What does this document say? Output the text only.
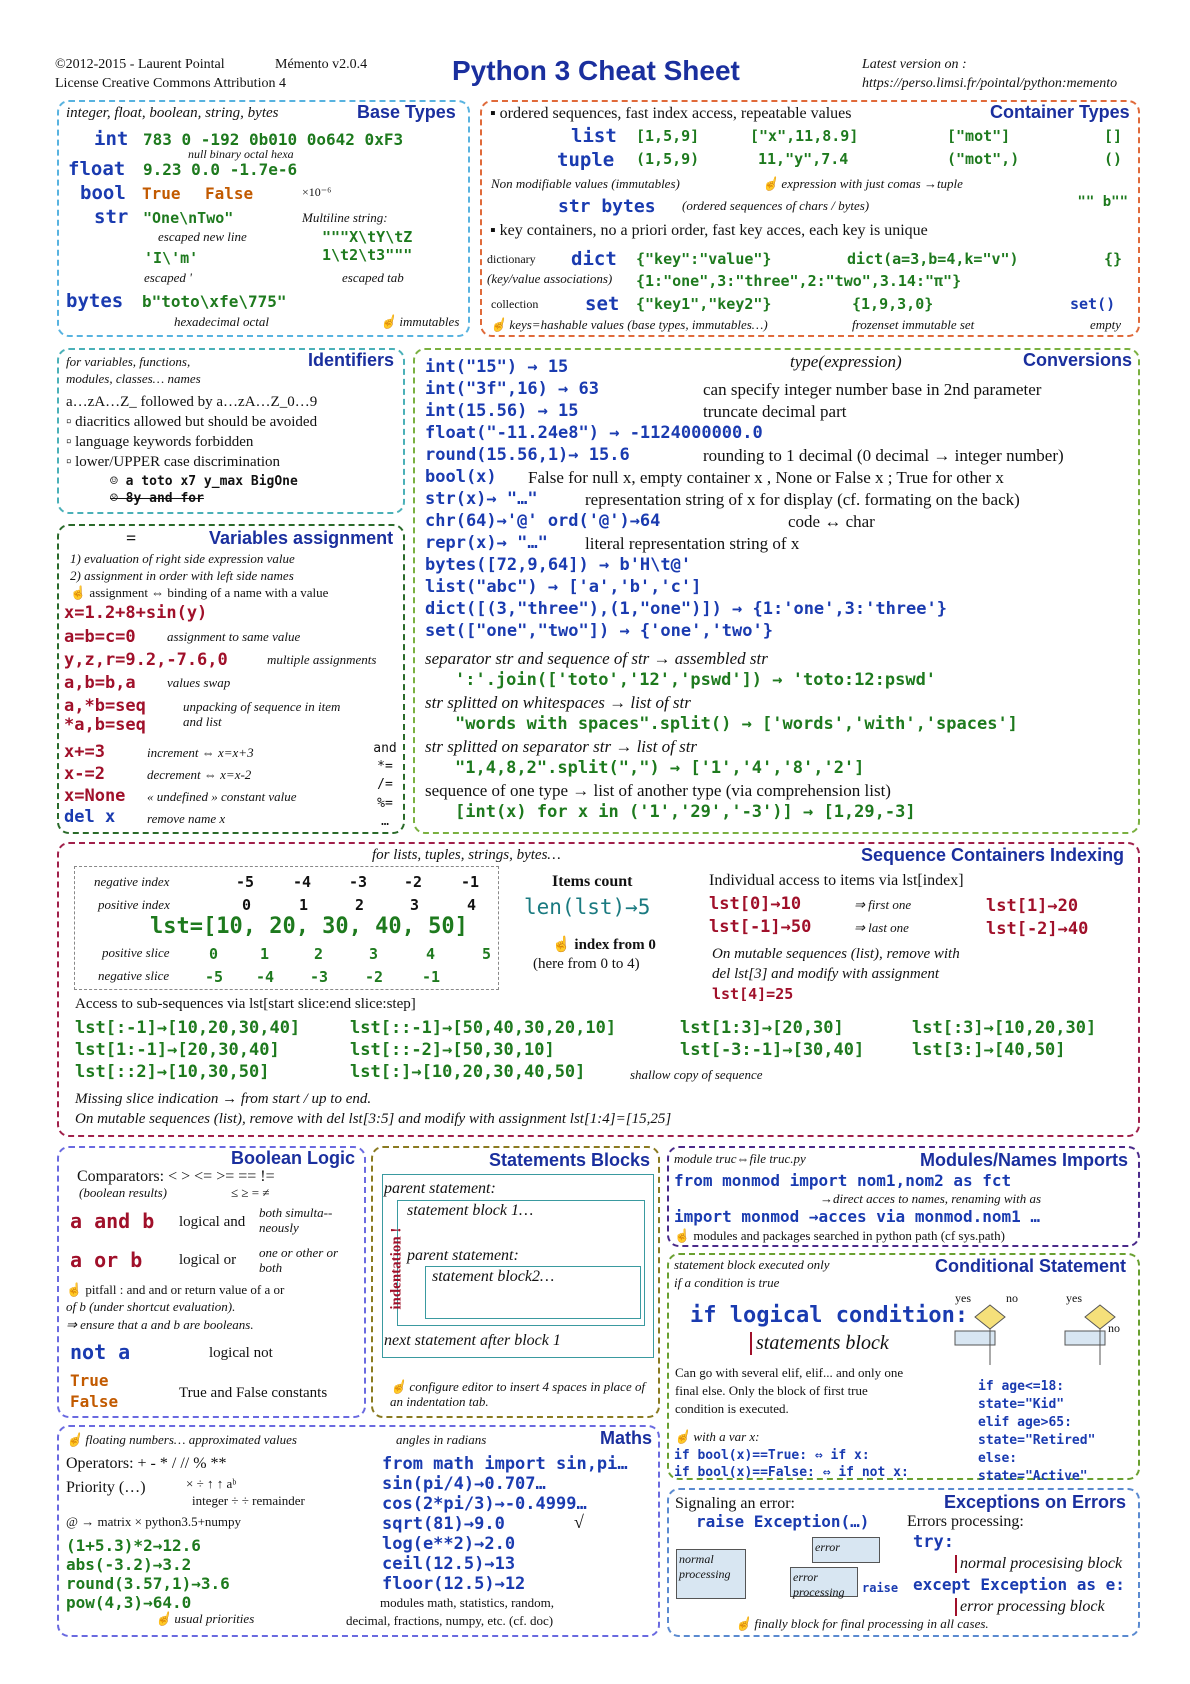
©2012-2015 - Laurent Pointal	Mémento v2.0.4
License Creative Commons Attribution 4	Python 3 Cheat Sheet	Latest version on :
https://perso.limsi.fr/pointal/python:memento
Base Types
integer, float, boolean, string, bytes
int 783 0 -192 0b010 0o642 0xF3
null binary octal hexa
float 9.23 0.0 -1.7e-6
×10⁻⁶
bool True False
str "One\nTwo"
escaped new line
Multiline string:
"""X\tY\tZ
1\t2\t3"""
'I\'m'
escaped '	escaped tab
bytes b"toto\xfe\775"
hexadecimal octal	☝ immutables
Container Types
▪ ordered sequences, fast index access, repeatable values
list [1,5,9]	["x",11,8.9]	["mot"]	[]
tuple (1,5,9)	11,"y",7.4	("mot",)	()
Non modifiable values (immutables)	☝ expression with just comas →tuple
str bytes (ordered sequences of chars / bytes)	"" b""
▪ key containers, no a priori order, fast key acces, each key is unique
dictionary dict {"key":"value"}	dict(a=3,b=4,k="v")	{}
(key/value associations) {1:"one",3:"three",2:"two",3.14:"π"}
collection set {"key1","key2"}	{1,9,3,0}	set()
☝ keys=hashable values (base types, immutables…)	frozenset immutable set	empty
Identifiers
for variables, functions,
modules, classes… names
a…zA…Z_ followed by a…zA…Z_0…9
▫ diacritics allowed but should be avoided
▫ language keywords forbidden
▫ lower/UPPER case discrimination
☺ a toto x7 y_max BigOne
☹ 8y and for
Variables assignment
=
1) evaluation of right side expression value
2) assignment in order with left side names
☝ assignment ⇔ binding of a name with a value
x=1.2+8+sin(y)
a=b=c=0 assignment to same value
y,z,r=9.2,-7.6,0	multiple assignments
a,b=b,a values swap
a,*b=seq
*a,b=seq
unpacking of sequence in item and list
x+=3	increment ⇔ x=x+3
x-=2	decrement ⇔ x=x-2
x=None « undefined » constant value
del x remove name x
and *= /= %= …
Conversions
type(expression)
int("15") → 15
int("3f",16) → 63	can specify integer number base in 2nd parameter
int(15.56) → 15	truncate decimal part
float("-11.24e8") → -1124000000.0
round(15.56,1)→ 15.6	rounding to 1 decimal (0 decimal → integer number)
bool(x) False for null x, empty container x , None or False x ; True for other x
str(x)→ "…"	representation string of x for display (cf. formating on the back)
chr(64)→'@' ord('@')→64	code ↔ char
repr(x)→ "…" literal representation string of x
bytes([72,9,64]) → b'H\t@'
list("abc") → ['a','b','c']
dict([(3,"three"),(1,"one")]) → {1:'one',3:'three'}
set(["one","two"]) → {'one','two'}
separator str and sequence of str → assembled str
':'.join(['toto','12','pswd']) → 'toto:12:pswd'
str splitted on whitespaces → list of str
"words with spaces".split() → ['words','with','spaces']
str splitted on separator str → list of str
"1,4,8,2".split(",") → ['1','4','8','2']
sequence of one type → list of another type (via comprehension list)
[int(x) for x in ('1','29','-3')] → [1,29,-3]
Sequence Containers Indexing
for lists, tuples, strings, bytes…
negative index
positive index
-5	-4	-3 -2	-1
0	1	2	3	4
lst=[10, 20, 30, 40, 50]
positive slice
negative slice
0	1	2	3	4	5
-5 -4 -3 -2	-1
Items count
len(lst)→5
☝ index from 0
(here from 0 to 4)
Individual access to items via lst[index]
lst[0]→10	⇒ first one	lst[1]→20
lst[-1]→50	⇒ last one	lst[-2]→40
On mutable sequences (list), remove with
del lst[3] and modify with assignment
lst[4]=25
Access to sub-sequences via lst[start slice:end slice:step]
lst[:-1]→[10,20,30,40]	lst[::-1]→[50,40,30,20,10]	lst[1:3]→[20,30]	lst[:3]→[10,20,30]
lst[1:-1]→[20,30,40]	lst[::-2]→[50,30,10]	lst[-3:-1]→[30,40]	lst[3:]→[40,50]
lst[::2]→[10,30,50]	lst[:]→[10,20,30,40,50]	shallow copy of sequence
Missing slice indication → from start / up to end.
On mutable sequences (list), remove with del lst[3:5] and modify with assignment lst[1:4]=[15,25]
Boolean Logic
Comparators: < > <= >= == !=
(boolean results)	≤ ≥ = ≠
a and b logical and
both simulta--neously
a or b logical or one or other or both
☝ pitfall : and and or return value of a or
of b (under shortcut evaluation).
⇒ ensure that a and b are booleans.
not a	logical not
True
False	True and False constants
Statements Blocks
parent statement:
statement block 1…
parent statement:
statement block2…
next statement after block 1
indentation !
☝ configure editor to insert 4 spaces in place of an indentation tab.
Modules/Names Imports
module truc⇔file truc.py
from monmod import nom1,nom2 as fct
→direct acces to names, renaming with as
import monmod →acces via monmod.nom1 …
☝ modules and packages searched in python path (cf sys.path)
Conditional Statement
statement block executed only
if a condition is true
if logical condition:
statements block
yes	no	yes
no
Can go with several elif, elif... and only one
final else. Only the block of first true
condition is executed.
if age<=18:
state="Kid"
elif age>65:
state="Retired"
else:
state="Active"
☝ with a var x:
if bool(x)==True: ⇔ if x:
if bool(x)==False: ⇔ if not x:
Maths
☝ floating numbers… approximated values	angles in radians
Operators: + - * / // % **
Priority (…)	× ÷ ↑ ↑ aᵇ
integer ÷ ÷ remainder
@ → matrix × python3.5+numpy
(1+5.3)*2→12.6
abs(-3.2)→3.2
round(3.57,1)→3.6
pow(4,3)→64.0
☝ usual priorities
from math import sin,pi…
sin(pi/4)→0.707…
cos(2*pi/3)→-0.4999…
sqrt(81)→9.0
log(e**2)→2.0
ceil(12.5)→13
floor(12.5)→12
√
modules math, statistics, random,
decimal, fractions, numpy, etc. (cf. doc)
Exceptions on Errors
Signaling an error:
raise Exception(…) Errors processing:
try:
normal procesising block
except Exception as e:
error processing block
normal
processing
error
error
processing	raise
☝ finally block for final processing in all cases.
